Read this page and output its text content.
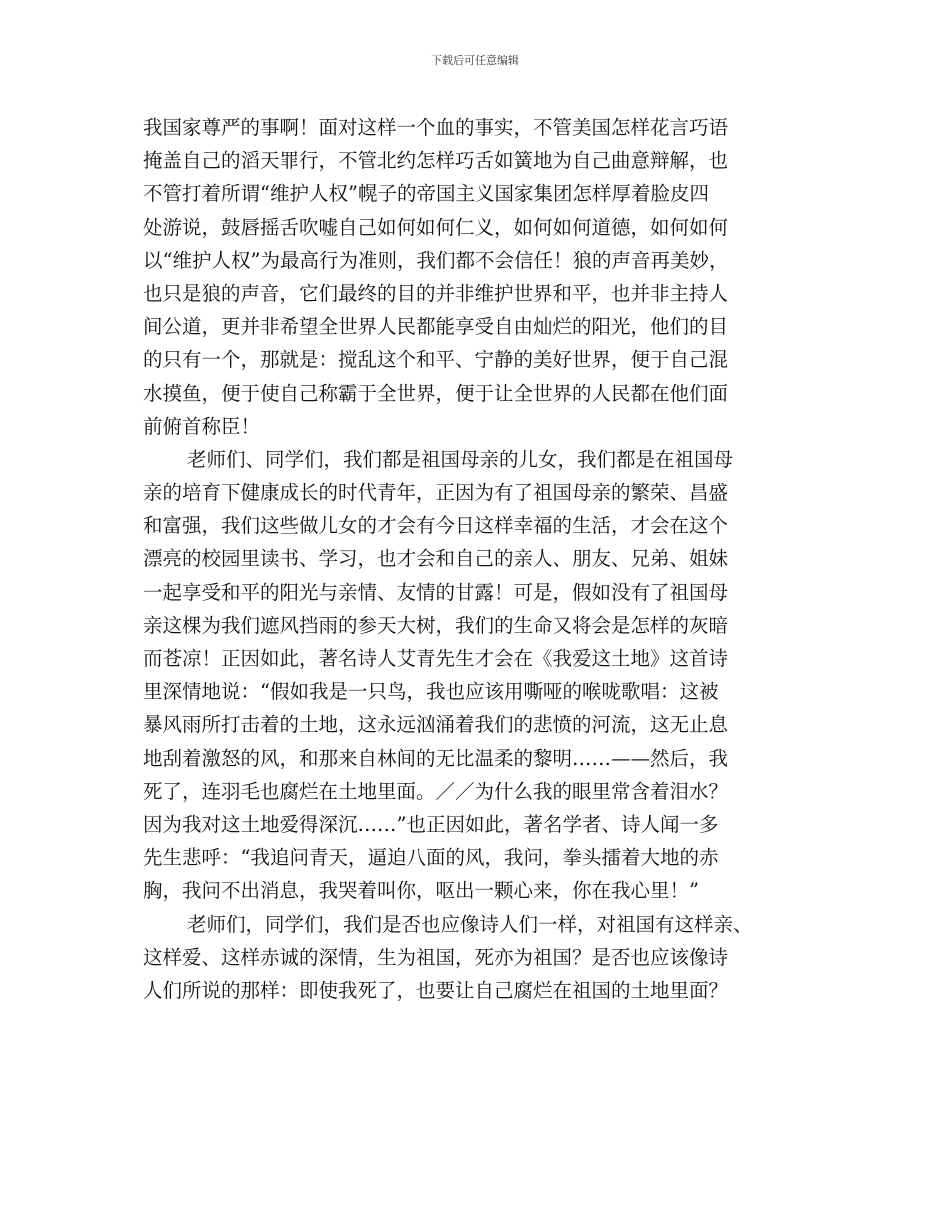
下载后可任意编辑
我国家尊严的事啊！面对这样一个血的事实，不管美国怎样花言巧语
掩盖自己的滔天罪行，不管北约怎样巧舌如簧地为自己曲意辩解，也
不管打着所谓“维护人权”幌子的帝国主义国家集团怎样厚着脸皮四
处游说，鼓唇摇舌吹嘘自己如何如何仁义，如何如何道德，如何如何
以“维护人权”为最高行为准则，我们都不会信任！狼的声音再美妙，
也只是狼的声音，它们最终的目的并非维护世界和平，也并非主持人
间公道，更并非希望全世界人民都能享受自由灿烂的阳光，他们的目
的只有一个，那就是：搅乱这个和平、宁静的美好世界，便于自己混
水摸鱼，便于使自己称霸于全世界，便于让全世界的人民都在他们面
前俯首称臣！
老师们、同学们，我们都是祖国母亲的儿女，我们都是在祖国母
亲的培育下健康成长的时代青年，正因为有了祖国母亲的繁荣、昌盛
和富强，我们这些做儿女的才会有今日这样幸福的生活，才会在这个
漂亮的校园里读书、学习，也才会和自己的亲人、朋友、兄弟、姐妹
一起享受和平的阳光与亲情、友情的甘露！可是，假如没有了祖国母
亲这棵为我们遮风挡雨的参天大树，我们的生命又将会是怎样的灰暗
而苍凉！正因如此，著名诗人艾青先生才会在《我爱这土地》这首诗
里深情地说：“假如我是一只鸟，我也应该用嘶哑的喉咙歌唱：这被
暴风雨所打击着的土地，这永远汹涌着我们的悲愤的河流，这无止息
地刮着激怒的风，和那来自林间的无比温柔的黎明……——然后，我
死了，连羽毛也腐烂在土地里面。／／为什么我的眼里常含着泪水？
因为我对这土地爱得深沉……”也正因如此，著名学者、诗人闻一多
先生悲呼：“我追问青天，逼迫八面的风，我问，拳头擂着大地的赤
胸，我问不出消息，我哭着叫你，呕出一颗心来，你在我心里！”
老师们，同学们，我们是否也应像诗人们一样，对祖国有这样亲、
这样爱、这样赤诚的深情，生为祖国，死亦为祖国？是否也应该像诗
人们所说的那样：即使我死了，也要让自己腐烂在祖国的土地里面？
